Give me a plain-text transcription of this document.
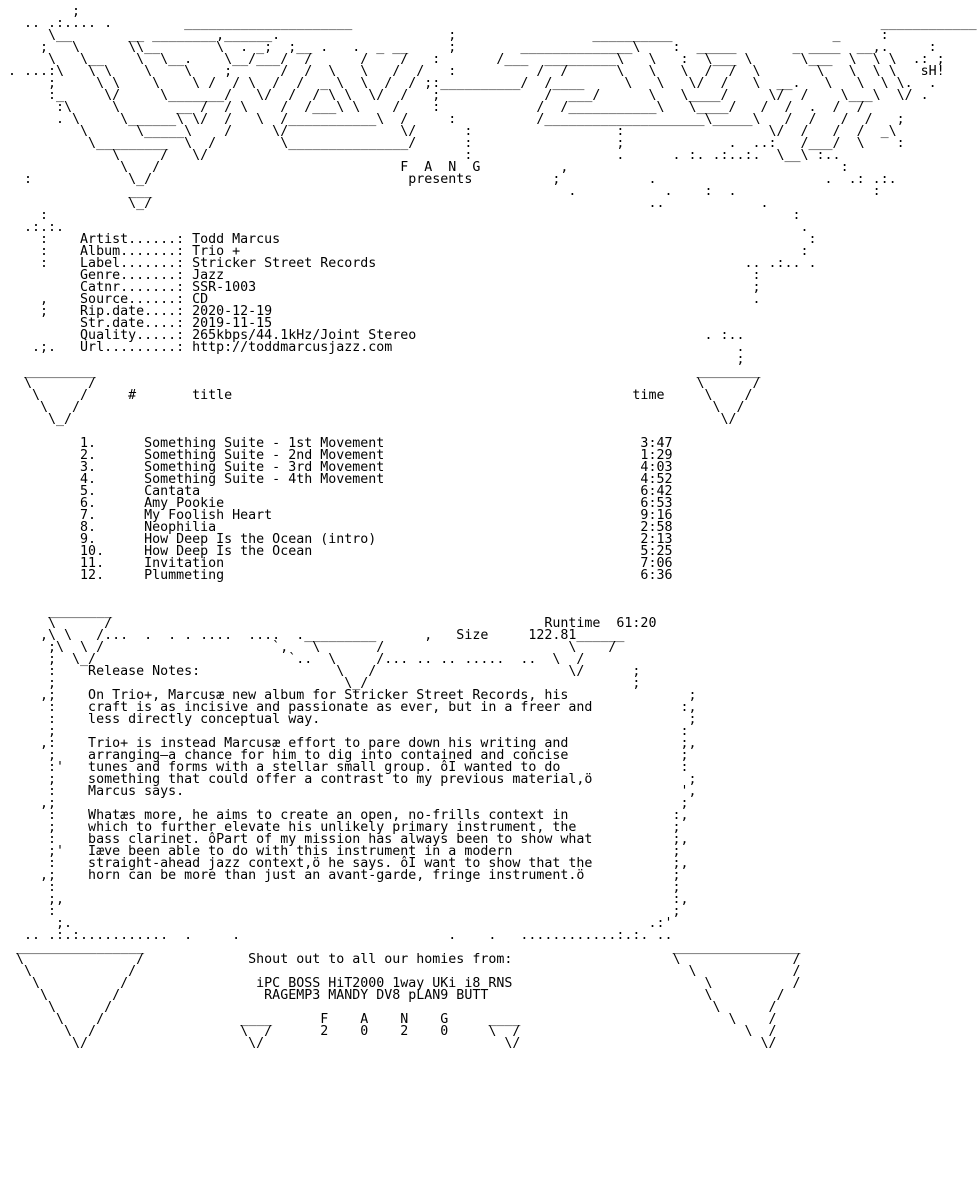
;
.. .:.... .         _____________________                                                                  ____________
\__       __ ________,______.                     ;                 __________                    _     :
;   \      \\__       \  . _;  ;__ .   .  _ __     ;        ______________\    :  _____       _ ____  __,.     :
\   \__    \  \__.    \__/___/  /      /    /   :       /___  _________\   \   :  \___ \      \___  \  \ \  .: ;
. ...:\   \ \    \    \    ;      /  /  \   \   /  /   :          /  /      \   \   \  /  /  \       \   \  \ \   sH!
;     \ \    \    \ /  / \  /  /  _ \  \  /  / ;:__________/  /____     \   \   \/  /   \  __.   \   \  \ \.  .
:_     \/     \_______/   \/  /  / \ \  \/  /   ;             /  ___/      \   \____/     \/  /    \___\  \/ .
:\     \       __ /  / \    /  /___\ \    /    :            /  /___________\   \____/   /  /  .  /  /
. \     \______\ \/  /   \  /___________\  /     :          /____________________\_____\   /  /   /  /   ;
\      \_____\    /     \/              \/      :                  :                  \/  /   /  /  _\
\_________  \  /        \_______________/      :                  ;             .  ..:   /___/  \    :
\     /   \/                                :                  .      . :. .:..:.  \__\ :..
\   /                              F  A  N  G          ,                                  :
:            \_/                                presents          ;           .                     .  .: .:.
___                                                    .           .    :  .                 :
\_/                                                              ..            .
:                                                                                             :
.:.:.                                                                                            .
:    Artist......: Todd Marcus                                                                  :
:    Album.......: Trio +                                                                      :
:    Label.......: Stricker Street Records                                              .. .:.. .
Genre.......: Jazz                                                                  :
Catnr.......: SSR-1003                                                              ;
,    Source......: CD                                                                    .
;    Rip.date....: 2020-12-19
Str.date....: 2019-11-15
Quality.....: 265kbps/44.1kHz/Joint Stereo                                    . :..
.;.   Url.........: http://toddmarcusjazz.com                                           .
;
_________                                                                           ________
\       /                                                                           \      /
\     /     #       title                                                  time     \    /
\   /                                                                               \  /
\_/                                                                                 \/
1.      Something Suite - 1st Movement                                3:47
2.      Something Suite - 2nd Movement                                1:29
3.      Something Suite - 3rd Movement                                4:03
4.      Something Suite - 4th Movement                                4:52
5.      Cantata                                                       6:42
6.      Amy Pookie                                                    6:53
7.      My Foolish Heart                                              9:16
8.      Neophilia                                                     2:58
9.      How Deep Is the Ocean (intro)                                 2:13
10.     How Deep Is the Ocean                                         5:25
11.     Invitation                                                    7:06
12.     Plummeting                                                    6:36
________
\      /                                                      Runtime  61:20
,\ \   /...  .  . . ....  ....  ._________      ,   Size     122.81______
;\  \ /                     `,   \       /                       \    /
;  \_/                        `..  \     /... .. .. .....  ..  \  /
:    Release Notes:                 \   /                        \/      ;
;                                    \_/                                 ;
,;    On Trio+, Marcusæ new album for Stricker Street Records, his               ;
:    craft is as incisive and passionate as ever, but in a freer and           :,
:    less directly conceptual way.                                              ;
;                                                                              :
,:    Trio+ is instead Marcusæ effort to pare down his writing and              ;,
;    arranging—a chance for him to dig into contained and concise              ;
:'   tunes and forms with a stellar small group. ôI wanted to do               :
;    something that could offer a contrast to my previous material,ö            ;
:    Marcus says.                                                              ',
,;                                                                              ;
:    Whatæs more, he aims to create an open, no-frills context in             :,
;    which to further elevate his unlikely primary instrument, the            ;
:    bass clarinet. ôPart of my mission has always been to show what          ;,
;'   Iæve been able to do with this instrument in a modern                    ;
:    straight-ahead jazz context,ö he says. ôI want to show that the          ;,
,;    horn can be more than just an avant-garde, fringe instrument.ö           ;
:                                                                             ;
;,                                                                            :,
:                                                                             ;
;.                                                                        .:'
.. .:.:...........  .     .                          .    .   ............:.:. ..
________________                                                                  ________________
\              /             Shout out to all our homies from:                    \              /
\            /                                                                     \            /
\          /                iPC BOSS HiT2000 1way UKi i8 RNS                        \          /
\        /                  RAGEMP3 MANDY DV8 pLAN9 BUTT                           \        /
\      /                                                                           \      /
\    /                 ____      F    A    N    G     ____                          \    /
\  /                  \  /      2    0    2    0     \  /                            \  /
\/                    \/                              \/                              \/
